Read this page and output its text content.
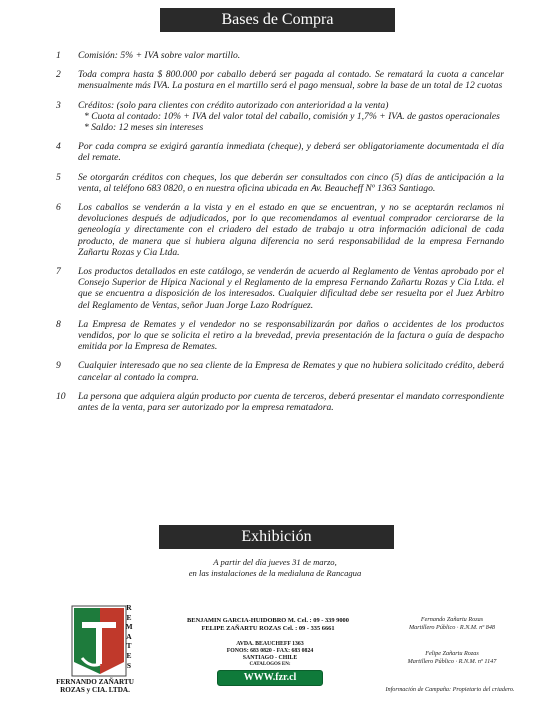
Bases de Compra
1	Comisión: 5% + IVA sobre valor martillo.
2	Toda compra hasta $ 800.000 por caballo deberá ser pagada al contado. Se rematará la cuota a cancelar mensualmente más IVA. La postura en el martillo será el pago mensual, sobre la base de un total de 12 cuotas
3	Créditos: (solo para clientes con crédito autorizado con anterioridad a la venta)
* Cuota al contado: 10% + IVA del valor total del caballo, comisión y 1,7% + IVA. de gastos operacionales
* Saldo: 12 meses sin intereses
4	Por cada compra se exigirá garantía inmediata (cheque), y deberá ser obligatoriamente documentada el día del remate.
5	Se otorgarán créditos con cheques, los que deberán ser consultados con cinco (5) días de anticipación a la venta, al teléfono 683 0820, o en nuestra oficina ubicada en Av. Beaucheff Nº 1363 Santiago.
6	Los caballos se venderán a la vista y en el estado en que se encuentran, y no se aceptarán reclamos ni devoluciones después de adjudicados, por lo que recomendamos al eventual comprador cerciorarse de la geneología y directamente con el criadero del estado de trabajo u otra información adicional de cada producto, de manera que si hubiera alguna diferencia no será responsabilidad de la empresa Fernando Zañartu Rozas y Cia Ltda.
7	Los productos detallados en este catálogo, se venderán de acuerdo al Reglamento de Ventas aprobado por el Consejo Superior de Hípica Nacional y el Reglamento de la empresa Fernando Zañartu Rozas y Cia Ltda. el que se encuentra a disposición de los interesados. Cualquier dificultad debe ser resuelta por el Juez Arbitro del Reglamento de Ventas, señor Juan Jorge Lazo Rodríguez.
8	La Empresa de Remates y el vendedor no se responsabilizarán por daños o accidentes de los productos vendidos, por lo que se solicita el retiro a la brevedad, previa presentación de la factura o guía de despacho emitida por la Empresa de Remates.
9	Cualquier interesado que no sea cliente de la Empresa de Remates y que no hubiera solicitado crédito, deberá cancelar al contado la compra.
10	La persona que adquiera algún producto por cuenta de terceros, deberá presentar el mandato correspondiente antes de la venta, para ser autorizado por la empresa rematadora.
Exhibición
A partir del día jueves 31 de marzo,
en las instalaciones de la medialuna de Rancagua
R
E
M
A
T
E
S
FERNANDO ZAÑARTU
ROZAS y CIA. LTDA.
BENJAMIN GARCIA-HUIDOBRO M. Cel. : 09 - 339 9000
FELIPE ZAÑARTU ROZAS Cel. : 09 - 335 6661
AVDA. BEAUCHEFF 1363
FONOS: 683 0820 - FAX: 683 0824
SANTIAGO - CHILE
CATALOGOS EN:
WWW.fzr.cl
Fernando Zañartu Rozas
Martillero Público · R.N.M. nº 848
Felipe Zañartu Rozas
Martillero Público · R.N.M. nº 1147
Información de Campaña: Propietario del criadero.
